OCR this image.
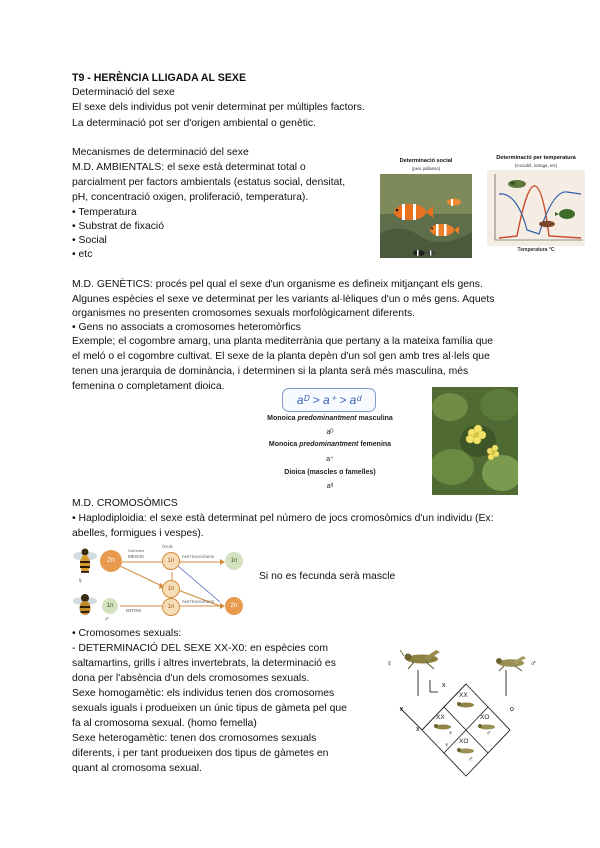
T9 - HERÈNCIA LLIGADA AL SEXE
Determinació del sexe
El sexe dels individus pot venir determinat per múltiples factors.
La determinació pot ser d'origen ambiental o genètic.
Mecanismes de determinació del sexe
M.D. AMBIENTALS: el sexe està determinat total o
parcialment per factors ambientals (estatus social, densitat,
pH, concentració oxigen, proliferació, temperatura).
• Temperatura
• Substrat de fixació
• Social
• etc
Determinació social
(peix pallasso)
Determinació per temperatura
(cocodril, tortuga, etc)
Temperatura °C
M.D. GENÈTICS: procés pel qual el sexe d'un organisme es defineix mitjançant els gens.
Algunes espècies el sexe ve determinat per les variants al·lèliques d'un o més gens. Aquets
organismes no presenten cromosomes sexuals morfològicament diferents.
• Gens no associats a cromosomes heteromòrfics
Exemple; el cogombre amarg, una planta mediterrània que pertany a la mateixa família que
el meló o el cogombre cultivat. El sexe de la planta depèn d'un sol gen amb tres al·lels que
tenen una jerarquia de dominància, i determinen si la planta serà més masculina, més
femenina o completament dioica.
aᴰ > a⁺ > aᵈ
Monoica predominantment masculina
aᴰ
Monoica predominantment femenina
a⁺
Dioica (mascles o famelles)
aᵈ
M.D. CROMOSÒMICS
• Haplodiploidia: el sexe està determinat pel número de jocs cromosòmics d'un individu (Ex:
abelles, formigues i vespes).
♀
2n
Gàmetes
MEIOSI
1n
Òvuls
PARTENOGÈNESI
1n
1n
1n
MITOSI
1n
PARTENOGÈNESI
2n
♂
Si no es fecunda serà mascle
• Cromosomes sexuals:
- DETERMINACIÓ DEL SEXE XX-X0: en espècies com
saltamartins, grills i altres invertebrats, la determinació es
dona per l'absència d'un dels cromosomes sexuals.
Sexe homogamètic: els individus tenen dos cromosomes
sexuals iguals i produeixen un únic tipus de gàmeta pel que
fa al cromosoma sexual. (homo femella)
Sexe heterogamètic: tenen dos cromosomes sexuals
diferents, i per tant produeixen dos tipus de gàmetes en
quant al cromosoma sexual.
♀	♂
x
x
x
o
XX
XX	XO
XO
♀	♂
♀
♂
